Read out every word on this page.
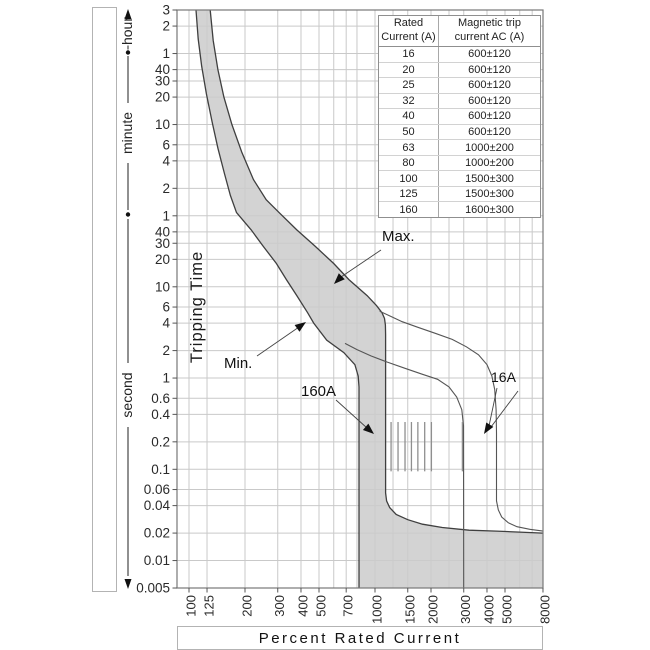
100 125 200 300 400 500 700 1000 1500 2000 3000 4000 5000 8000
3
2
1
40
30
20
10
6
4
2
1
40
30
20
10
6
4
2
1
0.6
0.4
0.2
0.1
0.06
0.04
0.02
0.01
0.005
Tripping Time
hour
minute
second
Percent Rated Current
Rated
Current (A)
Magnetic trip
current AC (A)
16	600±120
20	600±120
25	600±120
32	600±120
40	600±120
50	600±120
63	1000±200
80	1000±200
100	1500±300
125	1500±300
160	1600±300
Max.
Min.
160A
16A
